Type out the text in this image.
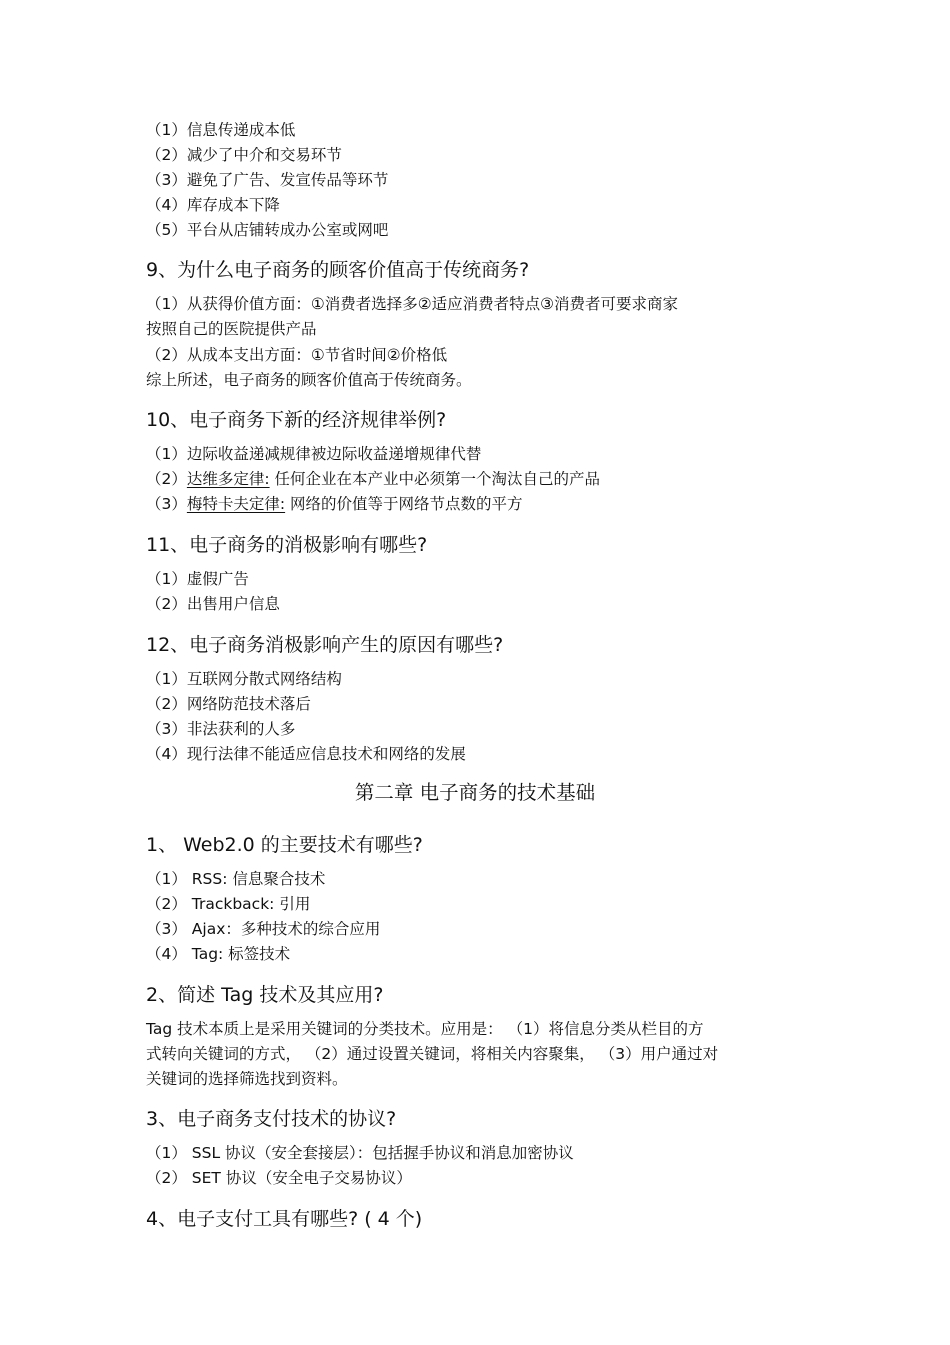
（1）信息传递成本低
（2）减少了中介和交易环节
（3）避免了广告、发宣传品等环节
（4）库存成本下降
（5）平台从店铺转成办公室或网吧
9、为什么电子商务的顾客价值高于传统商务?
（1）从获得价值方面：①消费者选择多②适应消费者特点③消费者可要求商家
按照自己的医院提供产品
（2）从成本支出方面：①节省时间②价格低
综上所述，电子商务的顾客价值高于传统商务。
10、电子商务下新的经济规律举例?
（1）边际收益递减规律被边际收益递增规律代替
（2）达维多定律: 任何企业在本产业中必须第一个淘汰自己的产品
（3）梅特卡夫定律: 网络的价值等于网络节点数的平方
11、电子商务的消极影响有哪些?
（1）虚假广告
（2）出售用户信息
12、电子商务消极影响产生的原因有哪些?
（1）互联网分散式网络结构
（2）网络防范技术落后
（3）非法获利的人多
（4）现行法律不能适应信息技术和网络的发展
第二章 电子商务的技术基础
1、 Web2.0 的主要技术有哪些?
（1） RSS: 信息聚合技术
（2） Trackback: 引用
（3） Ajax：多种技术的综合应用
（4） Tag: 标签技术
2、简述 Tag 技术及其应用?
Tag 技术本质上是采用关键词的分类技术。应用是： （1）将信息分类从栏目的方
式转向关键词的方式， （2）通过设置关键词，将相关内容聚集， （3）用户通过对
关键词的选择筛选找到资料。
3、电子商务支付技术的协议?
（1） SSL 协议（安全套接层）：包括握手协议和消息加密协议
（2） SET 协议（安全电子交易协议）
4、电子支付工具有哪些? ( 4 个)
